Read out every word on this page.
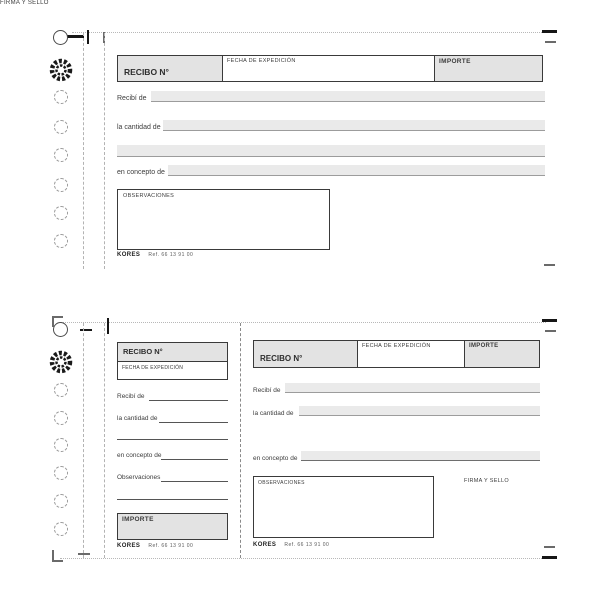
RECIBO N°
FECHA DE EXPEDICIÓN	IMPORTE
Recibí de
la cantidad de
en concepto de
OBSERVACIONES
FIRMA Y SELLO
KORES Ref. 66 13 91 00
RECIBO N°
FECHA DE EXPEDICIÓN
Recibí de
la cantidad de
en concepto de
Observaciones
IMPORTE
KORES Ref. 66 13 91 00
RECIBO N°
FECHA DE EXPEDICIÓN	IMPORTE
Recibí de
la cantidad de
en concepto de
OBSERVACIONES	FIRMA Y SELLO
KORES Ref. 66 13 91 00
